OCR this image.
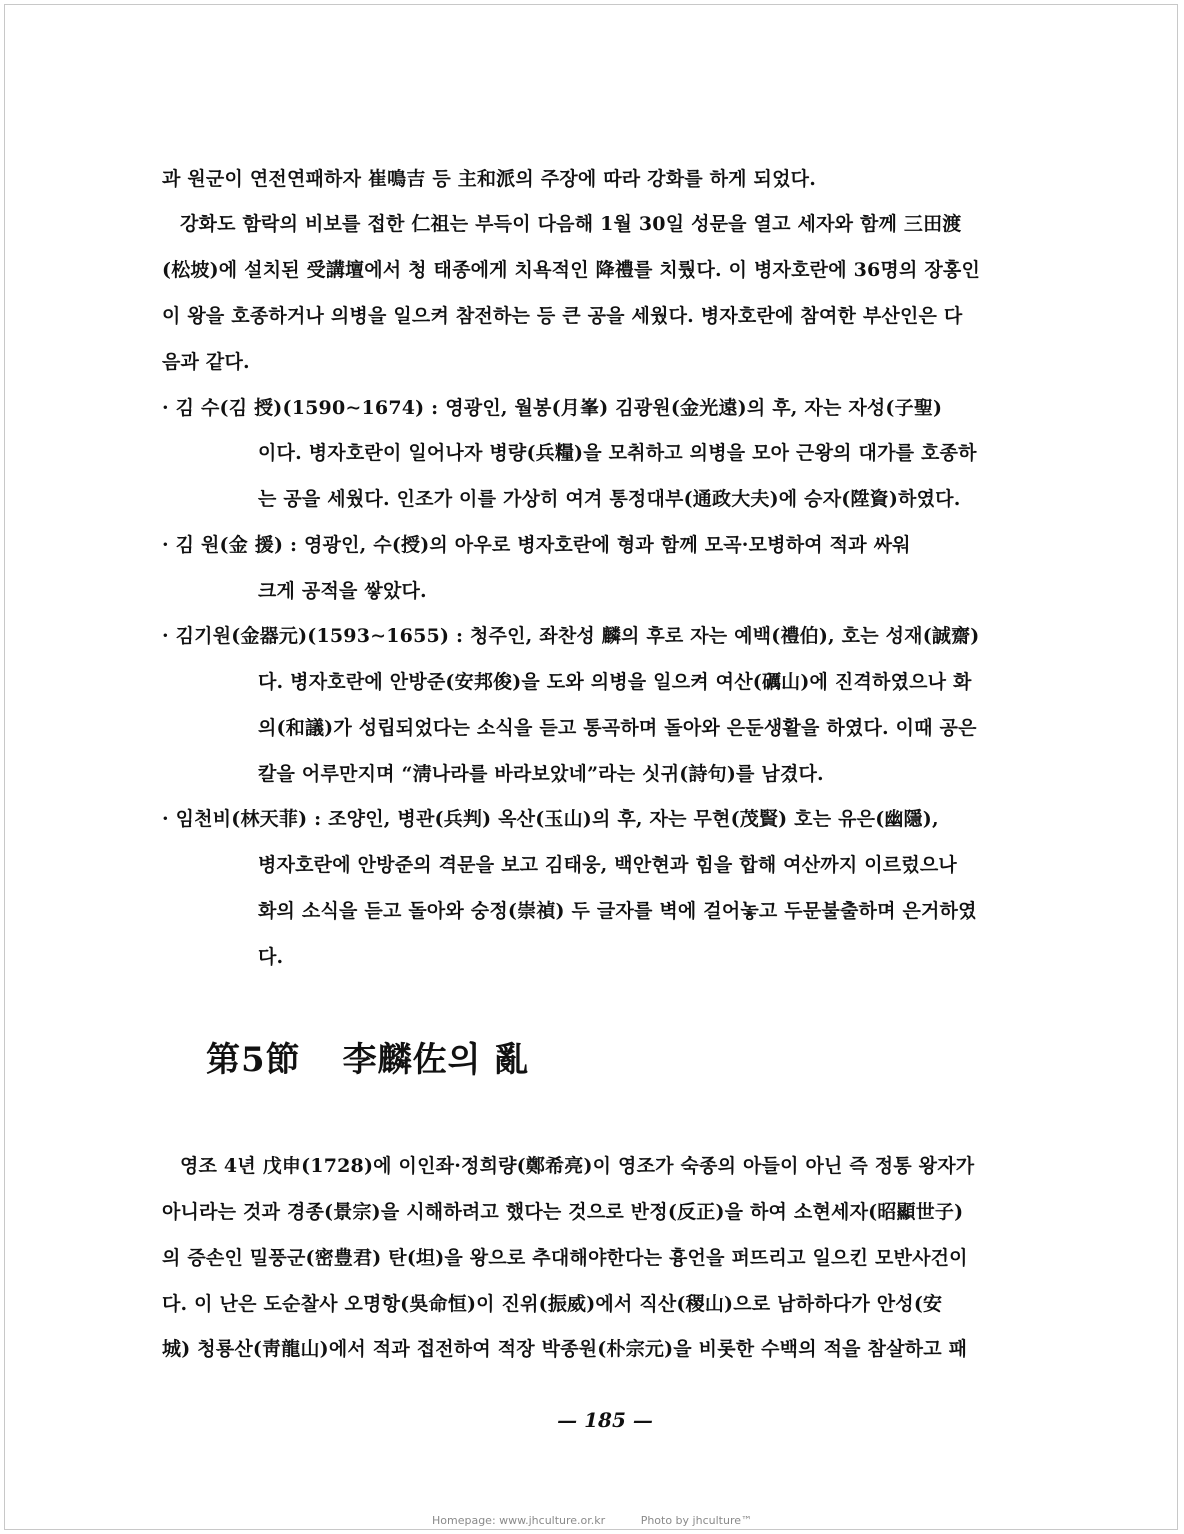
과 원군이 연전연패하자 崔鳴吉 등 主和派의 주장에 따라 강화를 하게 되었다.
강화도 함락의 비보를 접한 仁祖는 부득이 다음해 1월 30일 성문을 열고 세자와 함께 三田渡
(松坡)에 설치된 受講壇에서 청 태종에게 치욕적인 降禮를 치뤘다. 이 병자호란에 36명의 장홍인
이 왕을 호종하거나 의병을 일으켜 참전하는 등 큰 공을 세웠다. 병자호란에 참여한 부산인은 다
음과 같다.
· 김 수(김 授)(1590∼1674) : 영광인, 월봉(月峯) 김광원(金光遠)의 후, 자는 자성(子聖)
이다. 병자호란이 일어나자 병량(兵糧)을 모취하고 의병을 모아 근왕의 대가를 호종하
는 공을 세웠다. 인조가 이를 가상히 여겨 통정대부(通政大夫)에 승자(陞資)하였다.
· 김 원(金 援) : 영광인, 수(授)의 아우로 병자호란에 형과 함께 모곡·모병하여 적과 싸워
크게 공적을 쌓았다.
· 김기원(金器元)(1593∼1655) : 청주인, 좌찬성 麟의 후로 자는 예백(禮伯), 호는 성재(誠齋)
다. 병자호란에 안방준(安邦俊)을 도와 의병을 일으켜 여산(礪山)에 진격하였으나 화
의(和議)가 성립되었다는 소식을 듣고 통곡하며 돌아와 은둔생활을 하였다. 이때 공은
칼을 어루만지며 “淸나라를 바라보았네”라는 싯귀(詩句)를 남겼다.
· 임천비(林天菲) : 조양인, 병관(兵判) 옥산(玉山)의 후, 자는 무현(茂賢) 호는 유은(幽隱),
병자호란에 안방준의 격문을 보고 김태웅, 백안현과 힘을 합해 여산까지 이르렀으나
화의 소식을 듣고 돌아와 숭정(崇禎) 두 글자를 벽에 걸어놓고 두문불출하며 은거하였
다.
第5節 李麟佐의 亂
영조 4년 戊申(1728)에 이인좌·정희량(鄭希亮)이 영조가 숙종의 아들이 아닌 즉 정통 왕자가
아니라는 것과 경종(景宗)을 시해하려고 했다는 것으로 반정(反正)을 하여 소현세자(昭顯世子)
의 증손인 밀풍군(密豊君) 탄(坦)을 왕으로 추대해야한다는 흉언을 퍼뜨리고 일으킨 모반사건이
다. 이 난은 도순찰사 오명항(吳命恒)이 진위(振威)에서 직산(稷山)으로 남하하다가 안성(安
城) 청룡산(靑龍山)에서 적과 접전하여 적장 박종원(朴宗元)을 비롯한 수백의 적을 참살하고 패
— 185 —
Homepage: www.jhculture.or.kr	Photo by jhculture™
